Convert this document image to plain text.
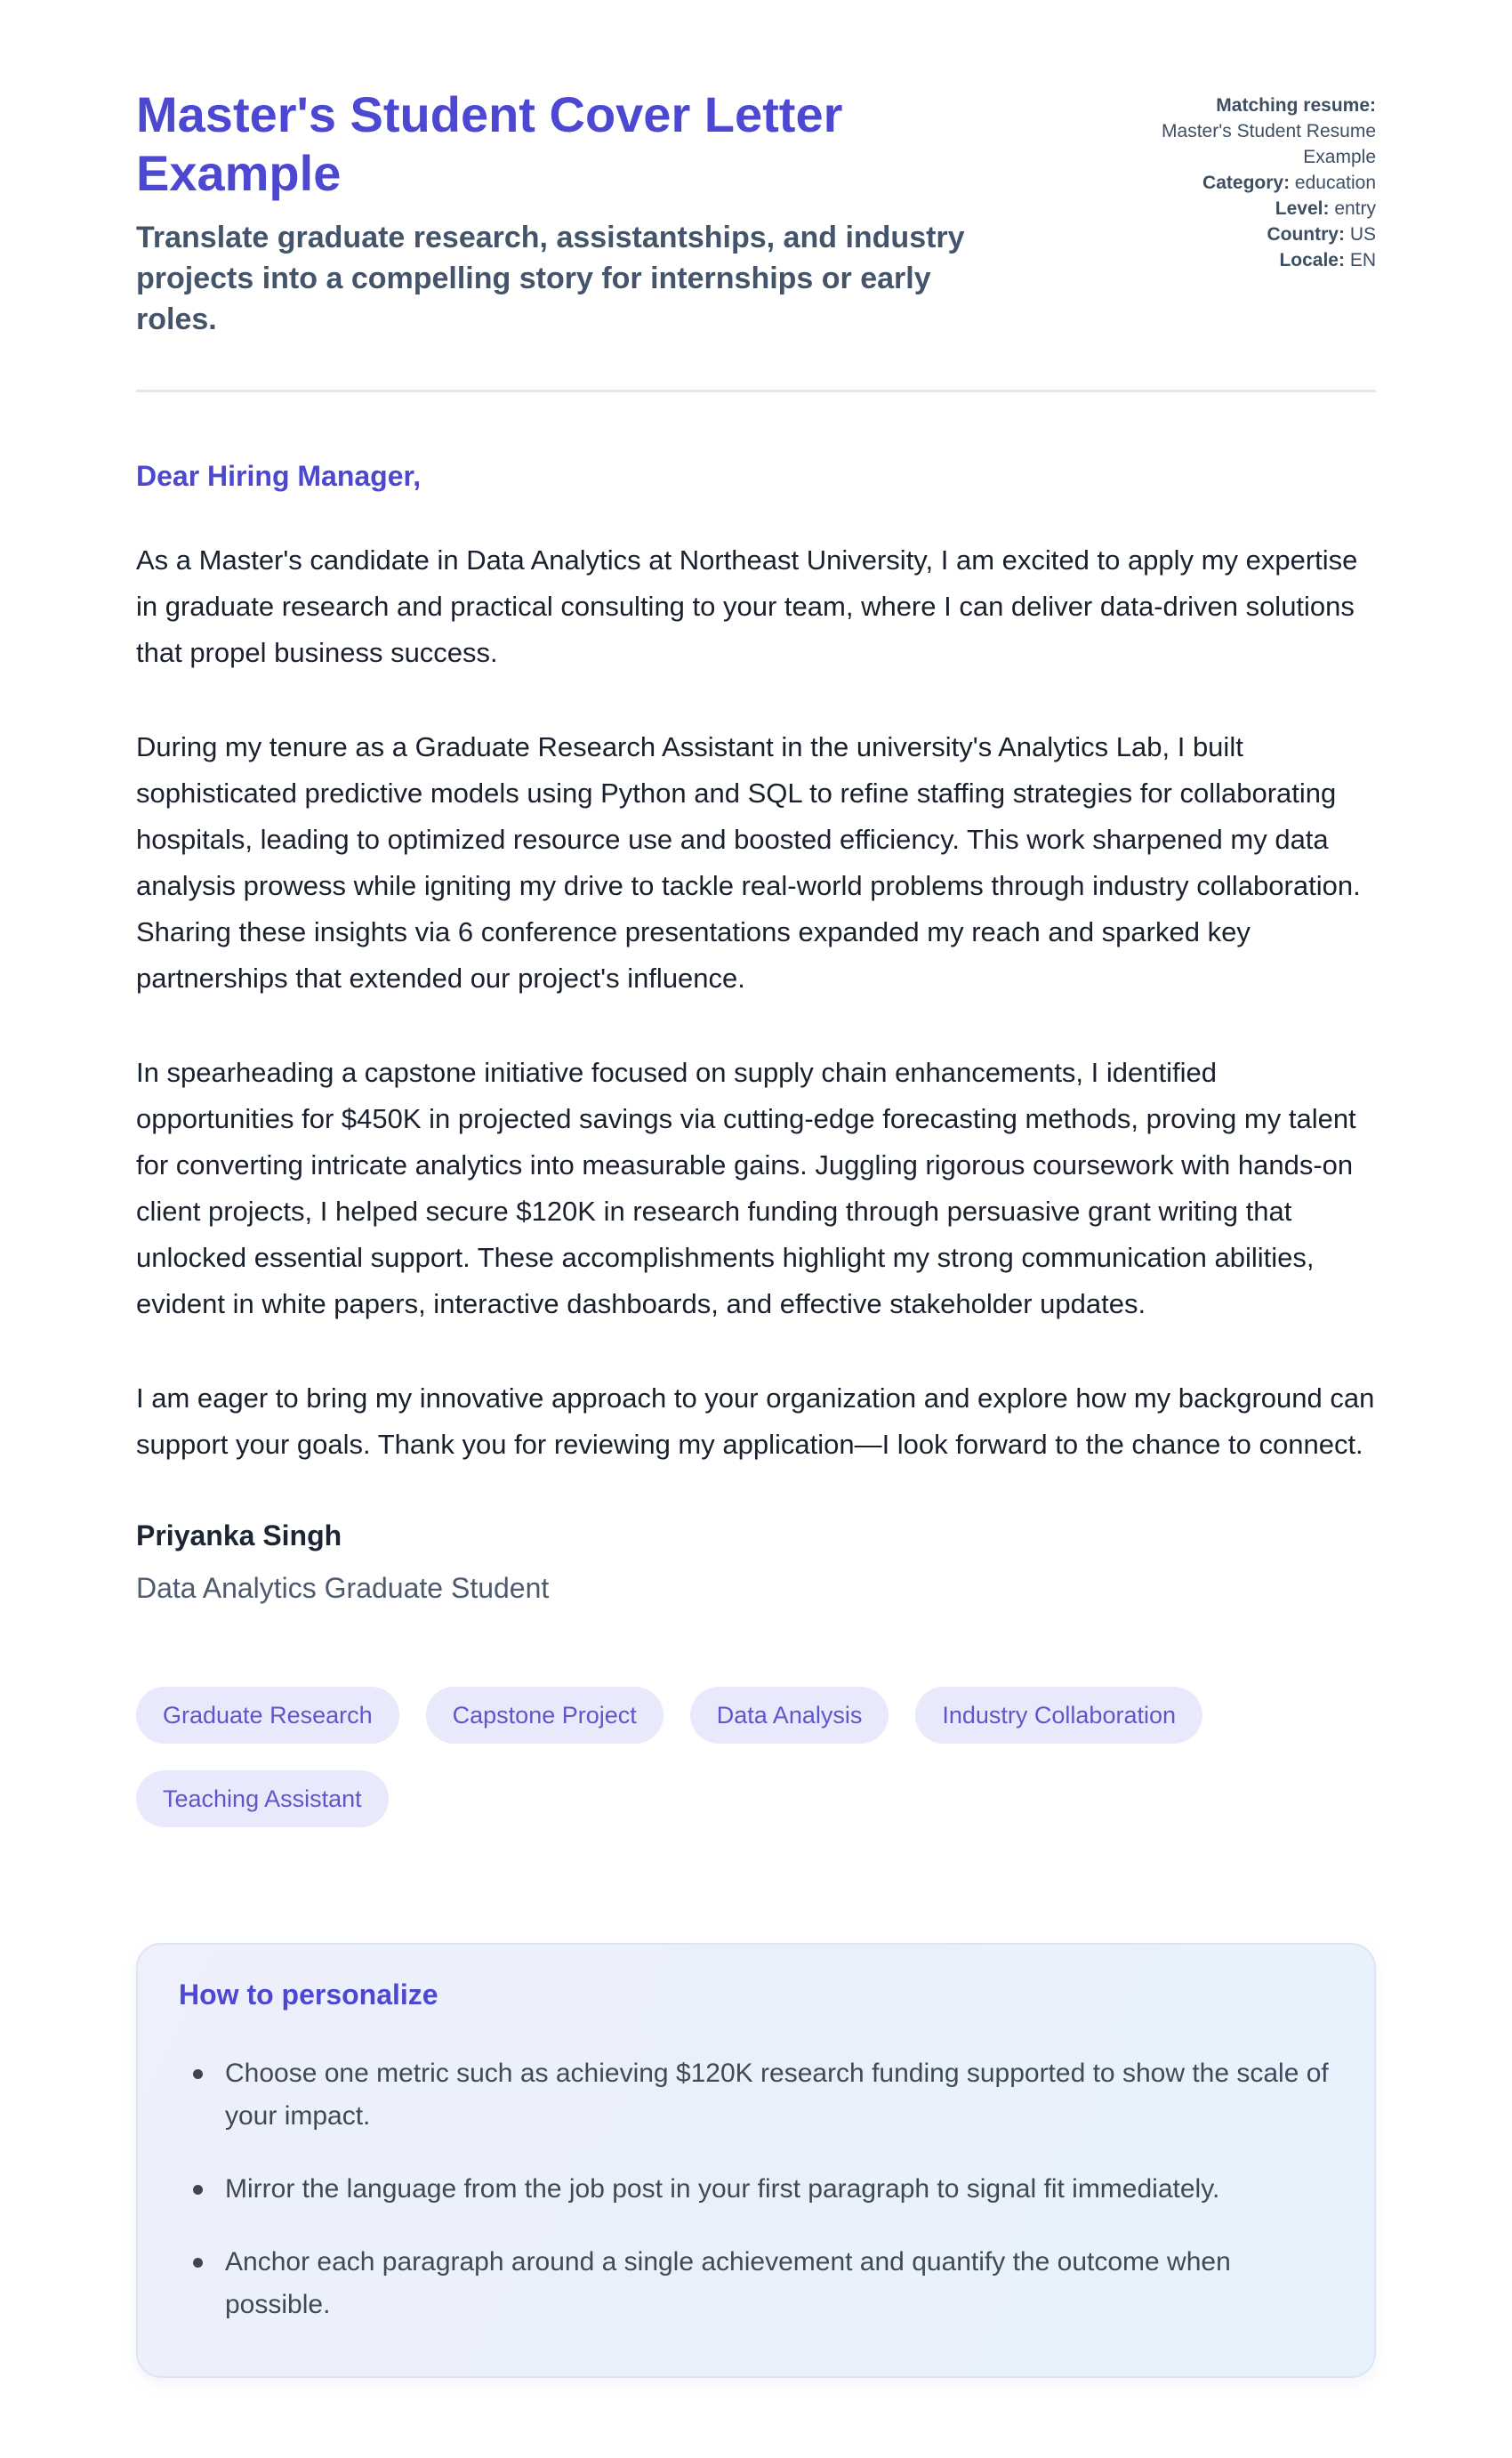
Master's Student Cover Letter Example
Translate graduate research, assistantships, and industry projects into a compelling story for internships or early roles.
Matching resume:
Master's Student Resume Example
Category: education
Level: entry
Country: US
Locale: EN
Dear Hiring Manager,

As a Master's candidate in Data Analytics at Northeast University, I am excited to apply my expertise in graduate research and practical consulting to your team, where I can deliver data-driven solutions that propel business success.

During my tenure as a Graduate Research Assistant in the university's Analytics Lab, I built sophisticated predictive models using Python and SQL to refine staffing strategies for collaborating hospitals, leading to optimized resource use and boosted efficiency. This work sharpened my data analysis prowess while igniting my drive to tackle real-world problems through industry collaboration. Sharing these insights via 6 conference presentations expanded my reach and sparked key partnerships that extended our project's influence.

In spearheading a capstone initiative focused on supply chain enhancements, I identified opportunities for $450K in projected savings via cutting-edge forecasting methods, proving my talent for converting intricate analytics into measurable gains. Juggling rigorous coursework with hands-on client projects, I helped secure $120K in research funding through persuasive grant writing that unlocked essential support. These accomplishments highlight my strong communication abilities, evident in white papers, interactive dashboards, and effective stakeholder updates.

I am eager to bring my innovative approach to your organization and explore how my background can support your goals. Thank you for reviewing my application—I look forward to the chance to connect.

Priyanka Singh
Data Analytics Graduate Student
Graduate Research	Capstone Project	Data Analysis	Industry Collaboration
Teaching Assistant
How to personalize
Choose one metric such as achieving $120K research funding supported to show the scale of your impact.
Mirror the language from the job post in your first paragraph to signal fit immediately.
Anchor each paragraph around a single achievement and quantify the outcome when possible.
